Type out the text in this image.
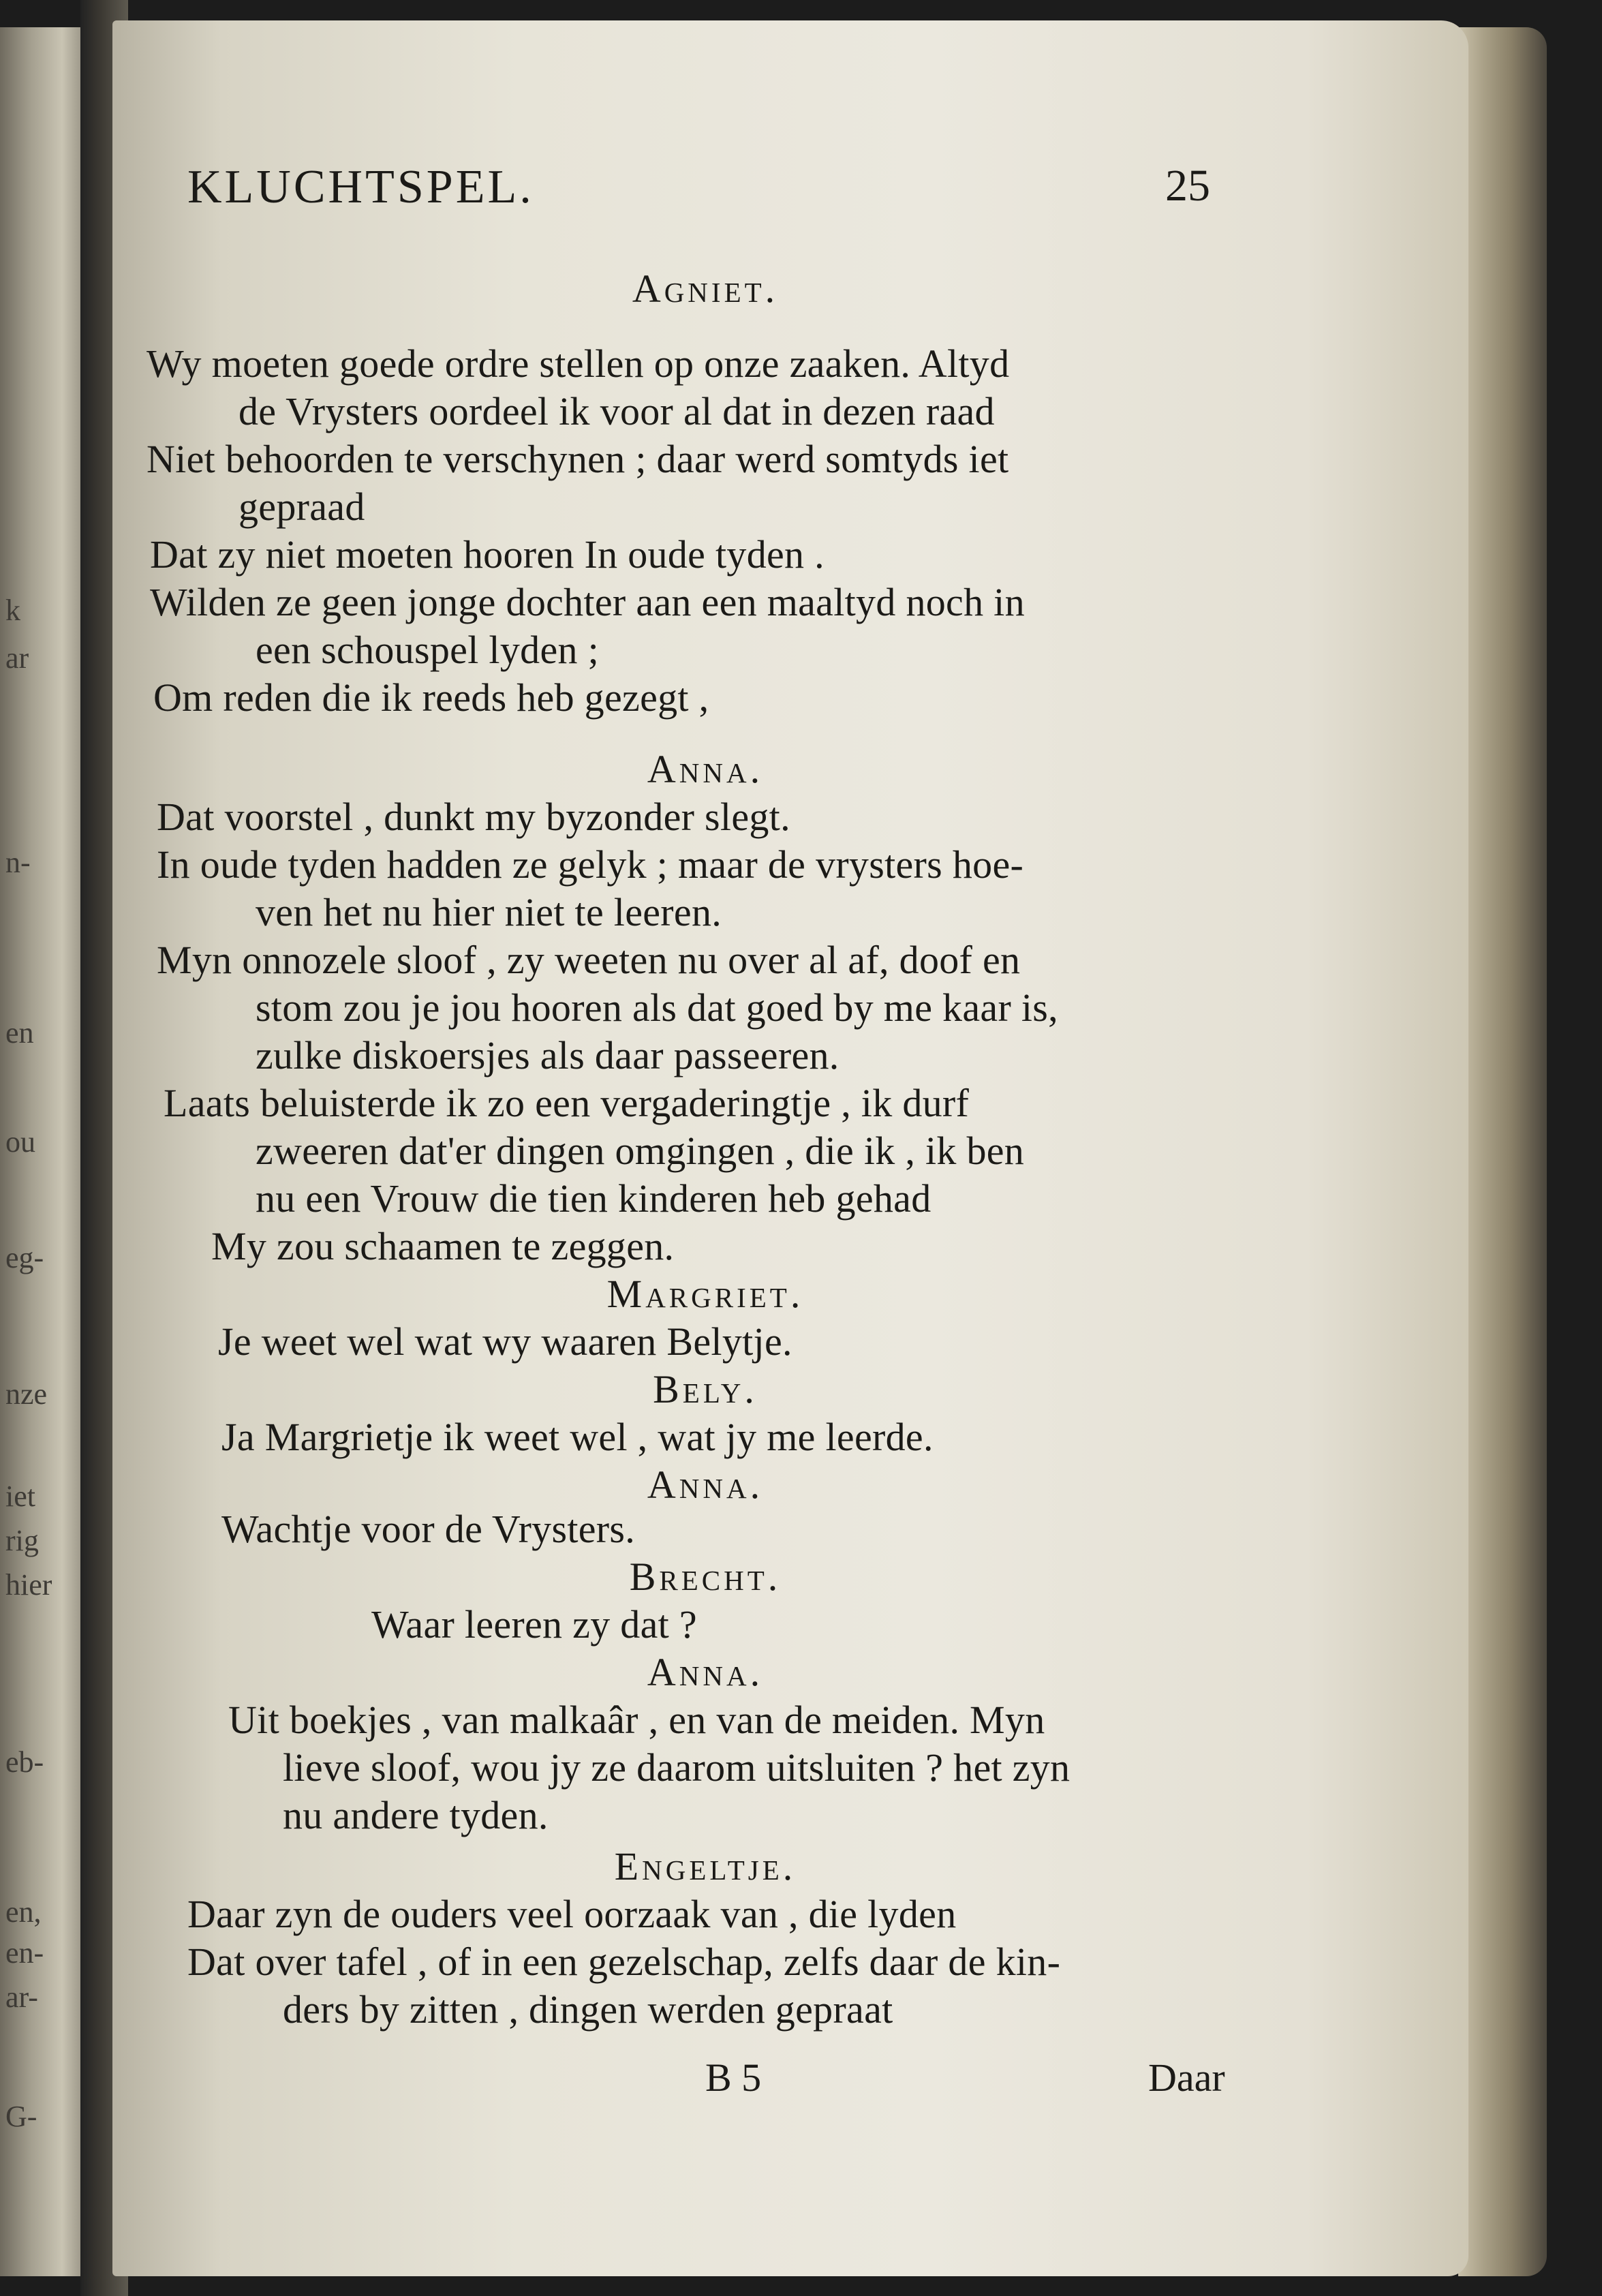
k
ar
n-
en
ou
eg-
nze
iet
rig
hier
eb-
en,
en-
ar-
G-
KLUCHTSPEL.	25
Agniet.
Wy moeten goede ordre stellen op onze zaaken. Altyd
de Vrysters oordeel ik voor al dat in dezen raad
Niet behoorden te verschynen ; daar werd somtyds iet
gepraad
Dat zy niet moeten hooren In oude tyden .
Wilden ze geen jonge dochter aan een maaltyd noch in
een schouspel lyden ;
Om reden die ik reeds heb gezegt ,
Anna.
Dat voorstel , dunkt my byzonder slegt.
In oude tyden hadden ze gelyk ; maar de vrysters hoe-
ven het nu hier niet te leeren.
Myn onnozele sloof , zy weeten nu over al af, doof en
stom zou je jou hooren als dat goed by me kaar is,
zulke diskoersjes als daar passeeren.
Laats beluisterde ik zo een vergaderingtje , ik durf
zweeren dat'er dingen omgingen , die ik , ik ben
nu een Vrouw die tien kinderen heb gehad
My zou schaamen te zeggen.
Margriet.
Je weet wel wat wy waaren Belytje.
Bely.
Ja Margrietje ik weet wel , wat jy me leerde.
Anna.
Wachtje voor de Vrysters.
Brecht.
Waar leeren zy dat ?
Anna.
Uit boekjes , van malkaâr , en van de meiden. Myn
lieve sloof, wou jy ze daarom uitsluiten ? het zyn
nu andere tyden.
Engeltje.
Daar zyn de ouders veel oorzaak van , die lyden
Dat over tafel , of in een gezelschap, zelfs daar de kin-
ders by zitten , dingen werden gepraat
B 5	Daar
